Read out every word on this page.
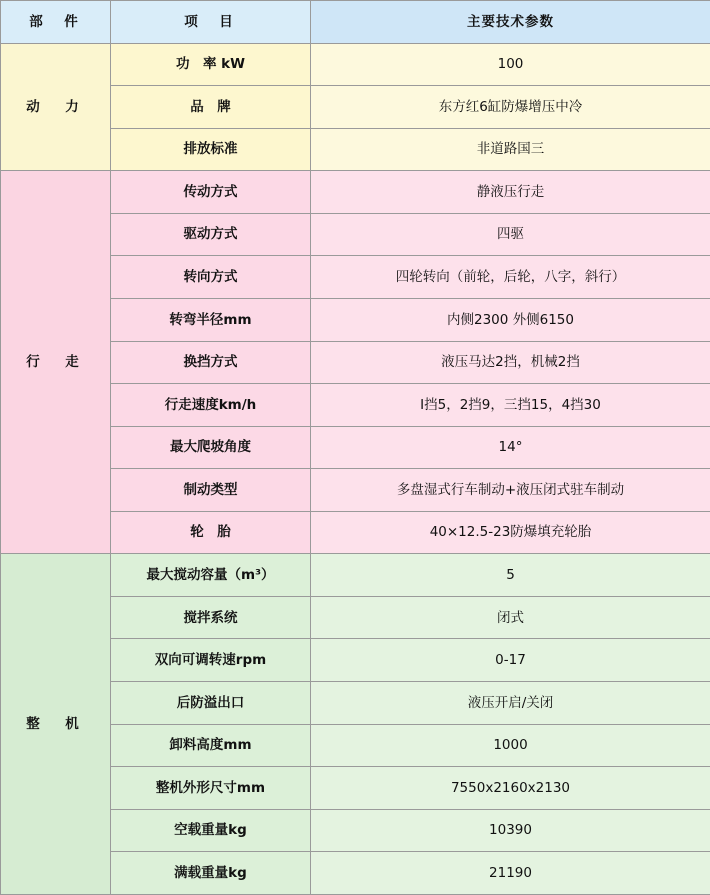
部　件	项　目	主要技术参数
动　力	功　率 kW	100
	品　牌	东方红6缸防爆增压中冷
	排放标准	非道路国三
行　走	传动方式	静液压行走
	驱动方式	四驱
	转向方式	四轮转向（前轮，后轮，八字，斜行）
	转弯半径mm	内侧2300 外侧6150
	换挡方式	液压马达2挡，机械2挡
	行走速度km/h	I挡5，2挡9，三挡15，4挡30
	最大爬坡角度	14°
	制动类型	多盘湿式行车制动+液压闭式驻车制动
	轮　胎	40×12.5-23防爆填充轮胎
整　机	最大搅动容量（m³）	5
	搅拌系统	闭式
	双向可调转速rpm	0-17
	后防溢出口	液压开启/关闭
	卸料高度mm	1000
	整机外形尺寸mm	7550x2160x2130
	空载重量kg	10390
	满载重量kg	21190
